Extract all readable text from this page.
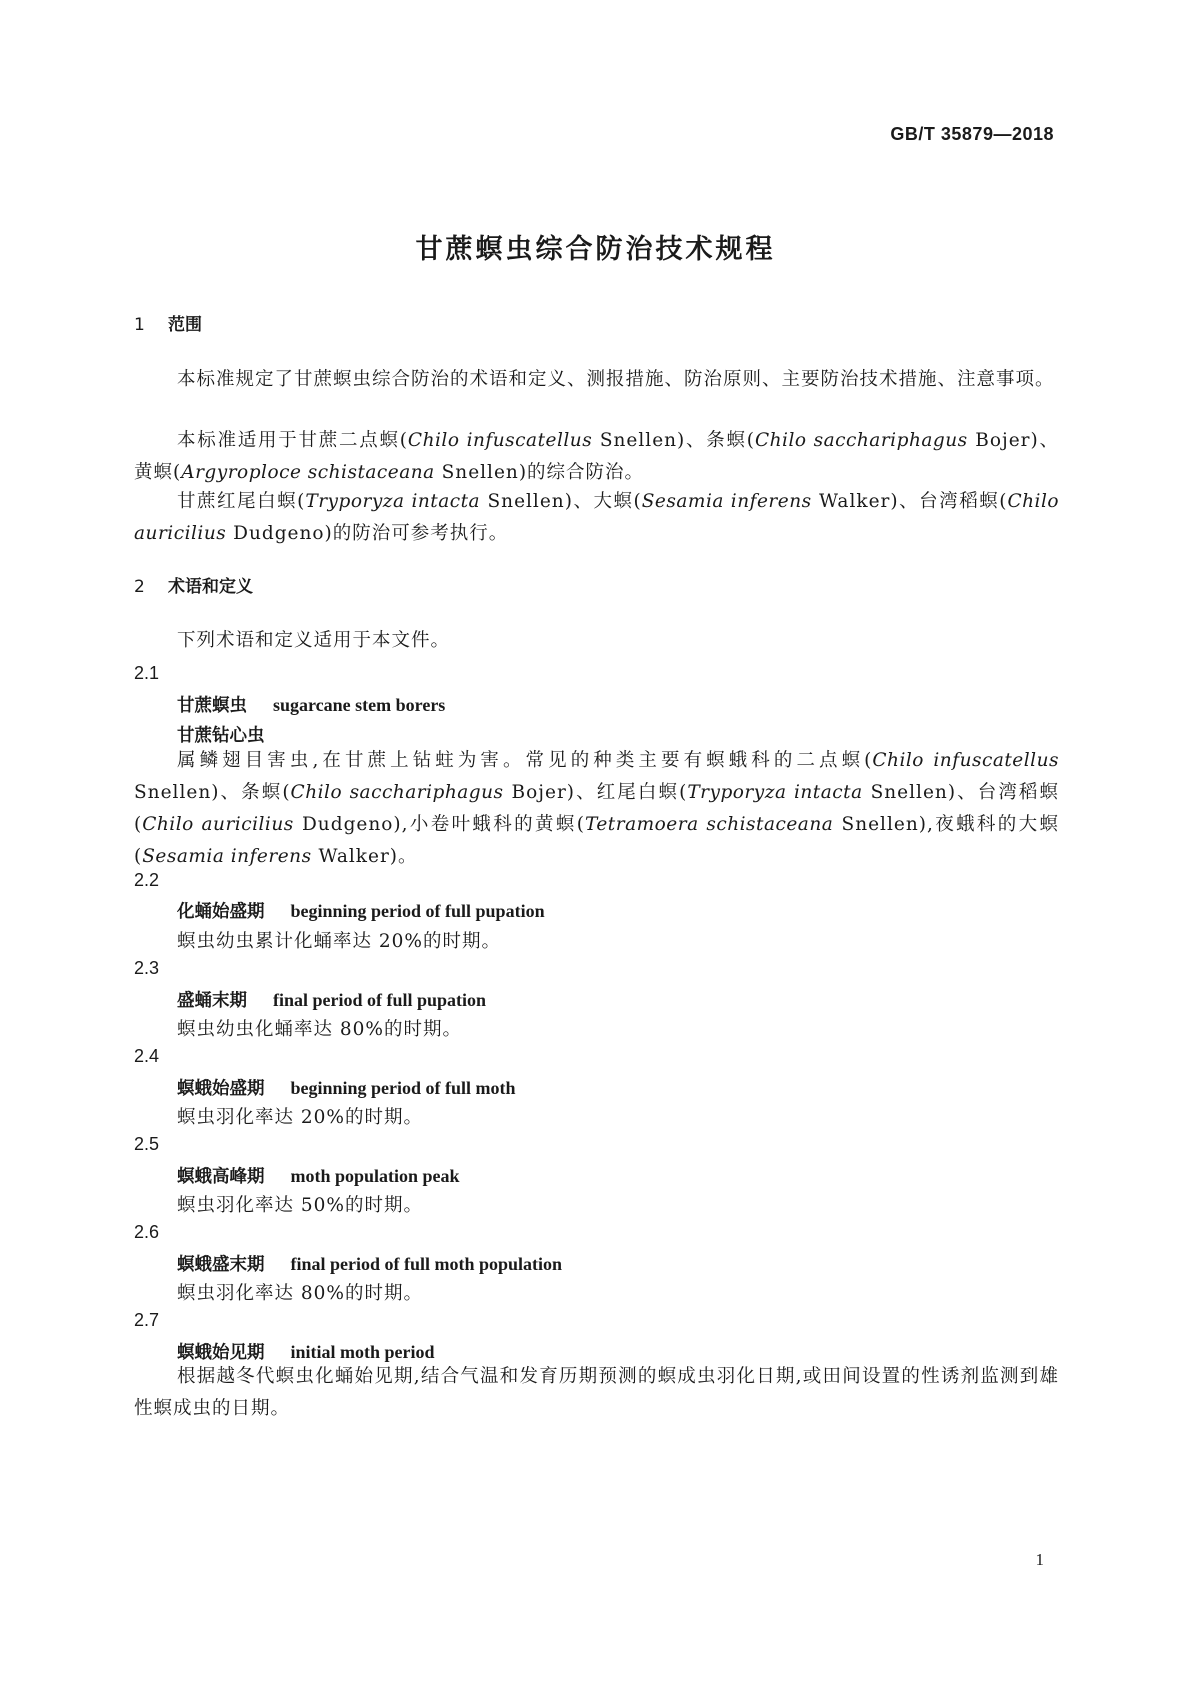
GB/T 35879—2018
甘蔗螟虫综合防治技术规程
1 范围

本标准规定了甘蔗螟虫综合防治的术语和定义、测报措施、防治原则、主要防治技术措施、注意事项。

本标准适用于甘蔗二点螟(Chilo infuscatellus Snellen)、条螟(Chilo sacchariphagus Bojer)、黄螟(Argyroploce schistaceana Snellen)的综合防治。

甘蔗红尾白螟(Tryporyza intacta Snellen)、大螟(Sesamia inferens Walker)、台湾稻螟(Chilo auricilius Dudgeno)的防治可参考执行。

2 术语和定义
下列术语和定义适用于本文件。
2.1
甘蔗螟虫 sugarcane stem borers
甘蔗钻心虫

属鳞翅目害虫,在甘蔗上钻蛀为害。常见的种类主要有螟蛾科的二点螟(Chilo infuscatellus Snellen)、条螟(Chilo sacchariphagus Bojer)、红尾白螟(Tryporyza intacta Snellen)、台湾稻螟(Chilo auricilius Dudgeno),小卷叶蛾科的黄螟(Tetramoera schistaceana Snellen),夜蛾科的大螟(Sesamia inferens Walker)。

2.2
化蛹始盛期 beginning period of full pupation
螟虫幼虫累计化蛹率达 20%的时期。
2.3
盛蛹末期 final period of full pupation
螟虫幼虫化蛹率达 80%的时期。
2.4
螟蛾始盛期 beginning period of full moth
螟虫羽化率达 20%的时期。
2.5
螟蛾高峰期 moth population peak
螟虫羽化率达 50%的时期。
2.6
螟蛾盛末期 final period of full moth population
螟虫羽化率达 80%的时期。
2.7
螟蛾始见期 initial moth period

根据越冬代螟虫化蛹始见期,结合气温和发育历期预测的螟成虫羽化日期,或田间设置的性诱剂监测到雄性螟成虫的日期。

1
